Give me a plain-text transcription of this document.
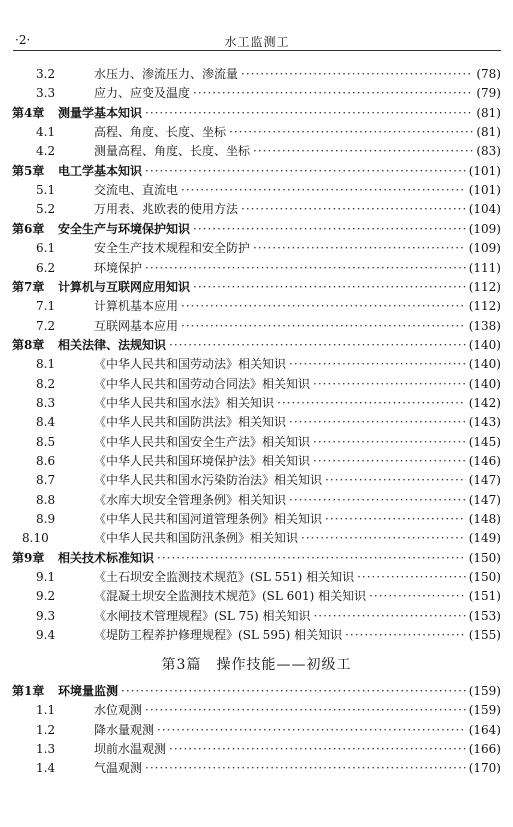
·2·	水工监测工
3.2	水压力、渗流压力、渗流量 ·····	(78)
3.3	应力、应变及温度 ·····	(79)
第4章	测量学基本知识 ·····	(81)
4.1	高程、角度、长度、坐标 ·····	(81)
4.2	测量高程、角度、长度、坐标 ·····	(83)
第5章	电工学基本知识 ·····	(101)
5.1	交流电、直流电 ·····	(101)
5.2	万用表、兆欧表的使用方法 ·····	(104)
第6章	安全生产与环境保护知识 ·····	(109)
6.1	安全生产技术规程和安全防护 ·····	(109)
6.2	环境保护 ·····	(111)
第7章	计算机与互联网应用知识 ·····	(112)
7.1	计算机基本应用 ·····	(112)
7.2	互联网基本应用 ·····	(138)
第8章	相关法律、法规知识 ·····	(140)
8.1	《中华人民共和国劳动法》相关知识 ·····	(140)
8.2	《中华人民共和国劳动合同法》相关知识 ·····	(140)
8.3	《中华人民共和国水法》相关知识 ·····	(142)
8.4	《中华人民共和国防洪法》相关知识 ·····	(143)
8.5	《中华人民共和国安全生产法》相关知识 ·····	(145)
8.6	《中华人民共和国环境保护法》相关知识 ·····	(146)
8.7	《中华人民共和国水污染防治法》相关知识 ·····	(147)
8.8	《水库大坝安全管理条例》相关知识 ·····	(147)
8.9	《中华人民共和国河道管理条例》相关知识 ·····	(148)
8.10	《中华人民共和国防汛条例》相关知识 ·····	(149)
第9章	相关技术标准知识 ·····	(150)
9.1	《土石坝安全监测技术规范》(SL 551) 相关知识 ·····	(150)
9.2	《混凝土坝安全监测技术规范》(SL 601) 相关知识 ·····	(151)
9.3	《水闸技术管理规程》(SL 75) 相关知识 ·····	(153)
9.4	《堤防工程养护修理规程》(SL 595) 相关知识 ·····	(155)
第1章	环境量监测 ·····	(159)
1.1	水位观测 ·····	(159)
1.2	降水量观测 ·····	(164)
1.3	坝前水温观测 ·····	(166)
1.4	气温观测 ·····	(170)
第3篇　操作技能——初级工
